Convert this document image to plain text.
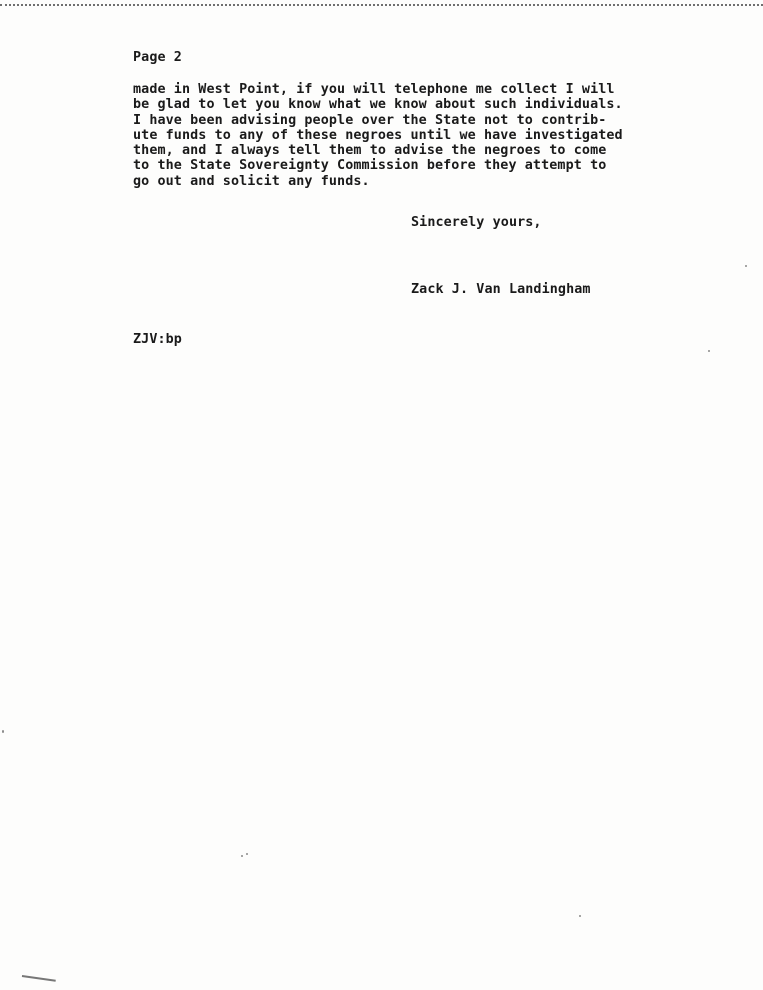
Page 2
made in West Point, if you will telephone me collect I will
be glad to let you know what we know about such individuals.
I have been advising people over the State not to contrib-
ute funds to any of these negroes until we have investigated
them, and I always tell them to advise the negroes to come
to the State Sovereignty Commission before they attempt to
go out and solicit any funds.
Sincerely yours,
Zack J. Van Landingham
ZJV:bp
